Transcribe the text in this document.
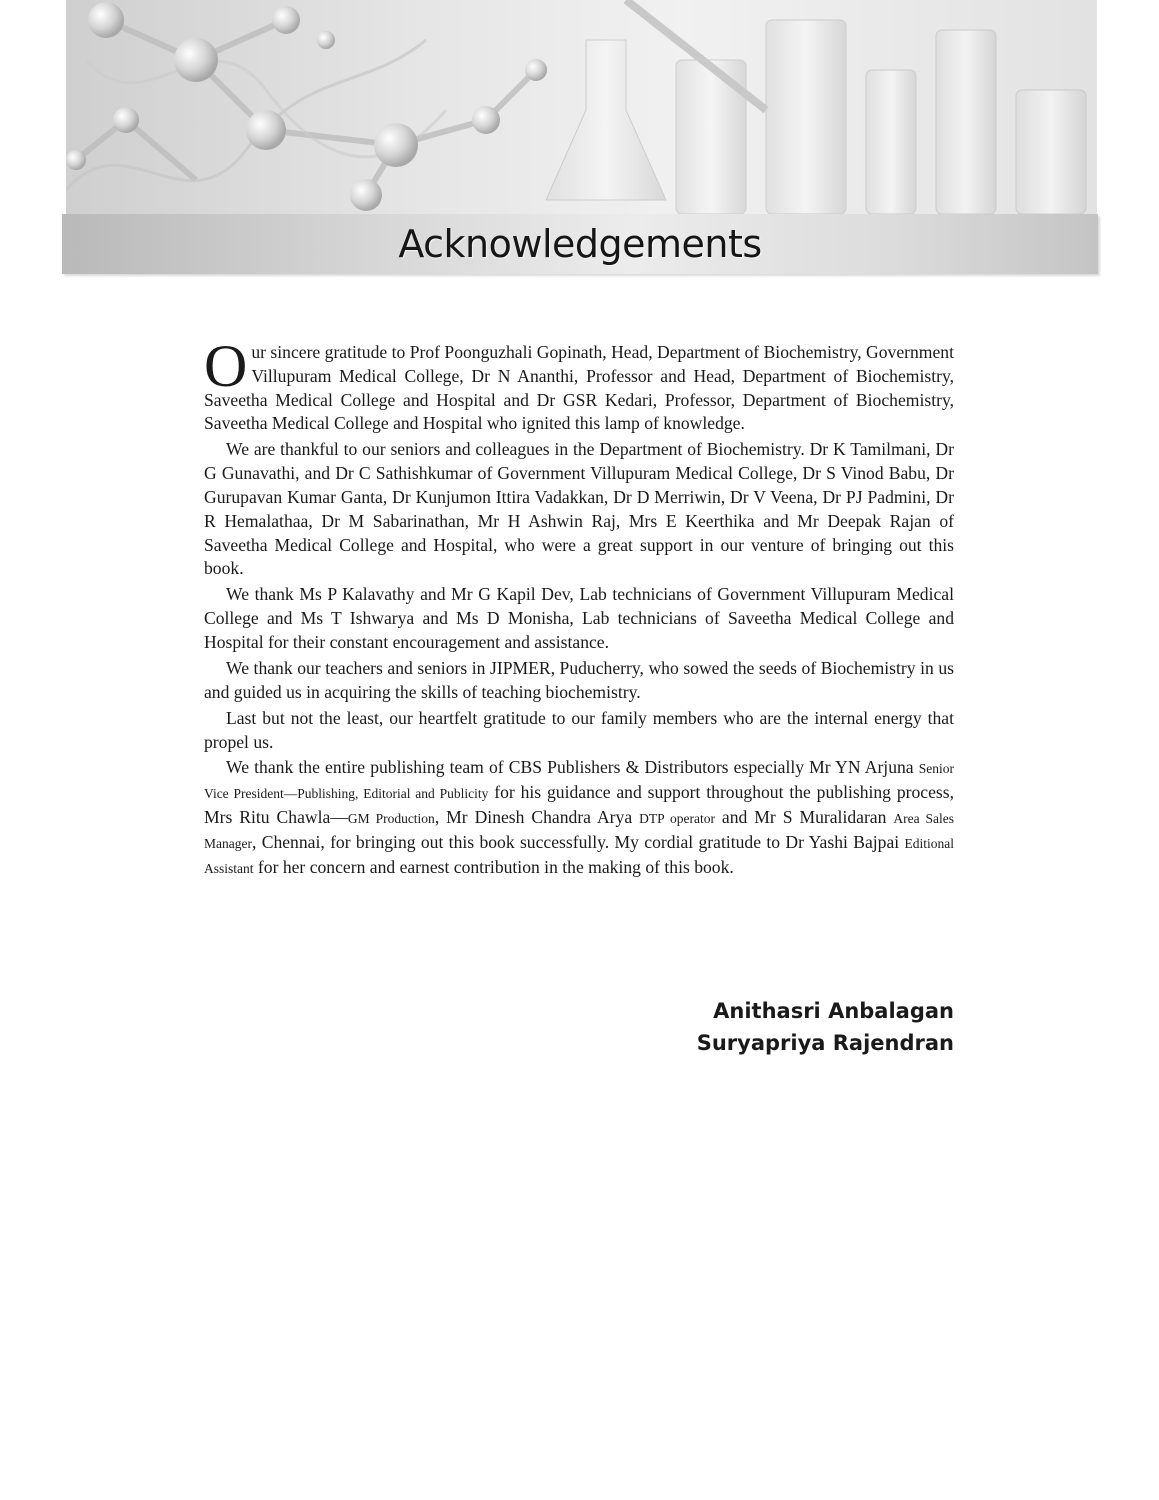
Acknowledgements

Our sincere gratitude to Prof Poonguzhali Gopinath, Head, Department of Biochemistry, Government Villupuram Medical College, Dr N Ananthi, Professor and Head, Department of Biochemistry, Saveetha Medical College and Hospital and Dr GSR Kedari, Professor, Department of Biochemistry, Saveetha Medical College and Hospital who ignited this lamp of knowledge.

We are thankful to our seniors and colleagues in the Department of Biochemistry. Dr K Tamilmani, Dr G Gunavathi, and Dr C Sathishkumar of Government Villupuram Medical College, Dr S Vinod Babu, Dr Gurupavan Kumar Ganta, Dr Kunjumon Ittira Vadakkan, Dr D Merriwin, Dr V Veena, Dr PJ Padmini, Dr R Hemalathaa, Dr M Sabarinathan, Mr H Ashwin Raj, Mrs E Keerthika and Mr Deepak Rajan of Saveetha Medical College and Hospital, who were a great support in our venture of bringing out this book.

We thank Ms P Kalavathy and Mr G Kapil Dev, Lab technicians of Government Villupuram Medical College and Ms T Ishwarya and Ms D Monisha, Lab technicians of Saveetha Medical College and Hospital for their constant encouragement and assistance.

We thank our teachers and seniors in JIPMER, Puducherry, who sowed the seeds of Biochemistry in us and guided us in acquiring the skills of teaching biochemistry.

Last but not the least, our heartfelt gratitude to our family members who are the internal energy that propel us.

We thank the entire publishing team of CBS Publishers & Distributors especially Mr YN Arjuna Senior Vice President—Publishing, Editorial and Publicity for his guidance and support throughout the publishing process, Mrs Ritu Chawla—GM Production, Mr Dinesh Chandra Arya DTP operator and Mr S Muralidaran Area Sales Manager, Chennai, for bringing out this book successfully. My cordial gratitude to Dr Yashi Bajpai Editional Assistant for her concern and earnest contribution in the making of this book.

Anithasri Anbalagan
Suryapriya Rajendran
